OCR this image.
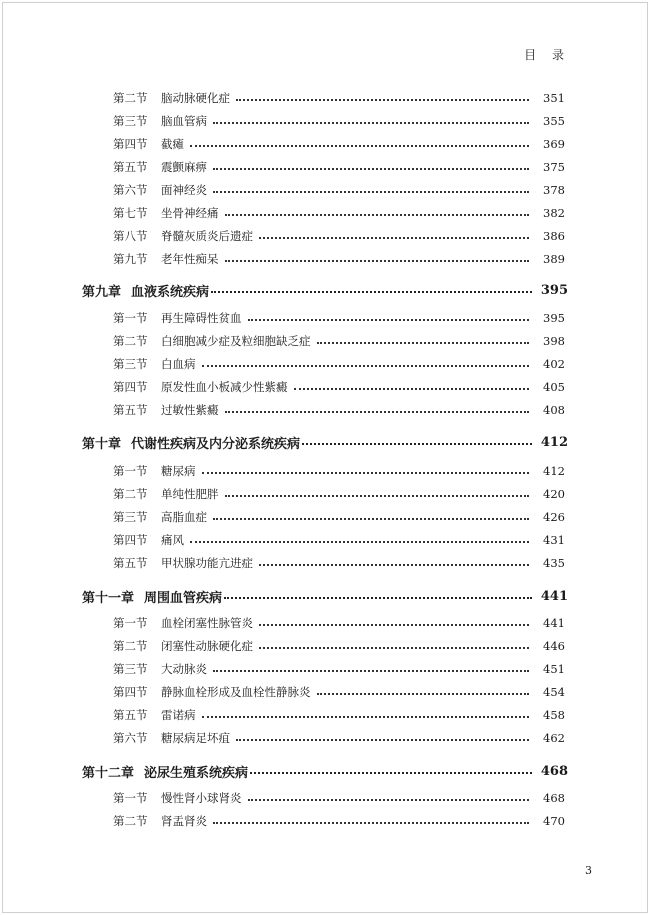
目 录
第二节	脑动脉硬化症	351
第三节	脑血管病	355
第四节	截瘫	369
第五节	震颤麻痹	375
第六节	面神经炎	378
第七节	坐骨神经痛	382
第八节	脊髓灰质炎后遗症	386
第九节	老年性痴呆	389
第九章 血液系统疾病	395
第一节	再生障碍性贫血	395
第二节	白细胞减少症及粒细胞缺乏症	398
第三节	白血病	402
第四节	原发性血小板减少性紫癜	405
第五节	过敏性紫癜	408
第十章 代谢性疾病及内分泌系统疾病	412
第一节	糖尿病	412
第二节	单纯性肥胖	420
第三节	高脂血症	426
第四节	痛风	431
第五节	甲状腺功能亢进症	435
第十一章 周围血管疾病	441
第一节	血栓闭塞性脉管炎	441
第二节	闭塞性动脉硬化症	446
第三节	大动脉炎	451
第四节	静脉血栓形成及血栓性静脉炎	454
第五节	雷诺病	458
第六节	糖尿病足坏疽	462
第十二章 泌尿生殖系统疾病	468
第一节	慢性肾小球肾炎	468
第二节	肾盂肾炎	470
3
